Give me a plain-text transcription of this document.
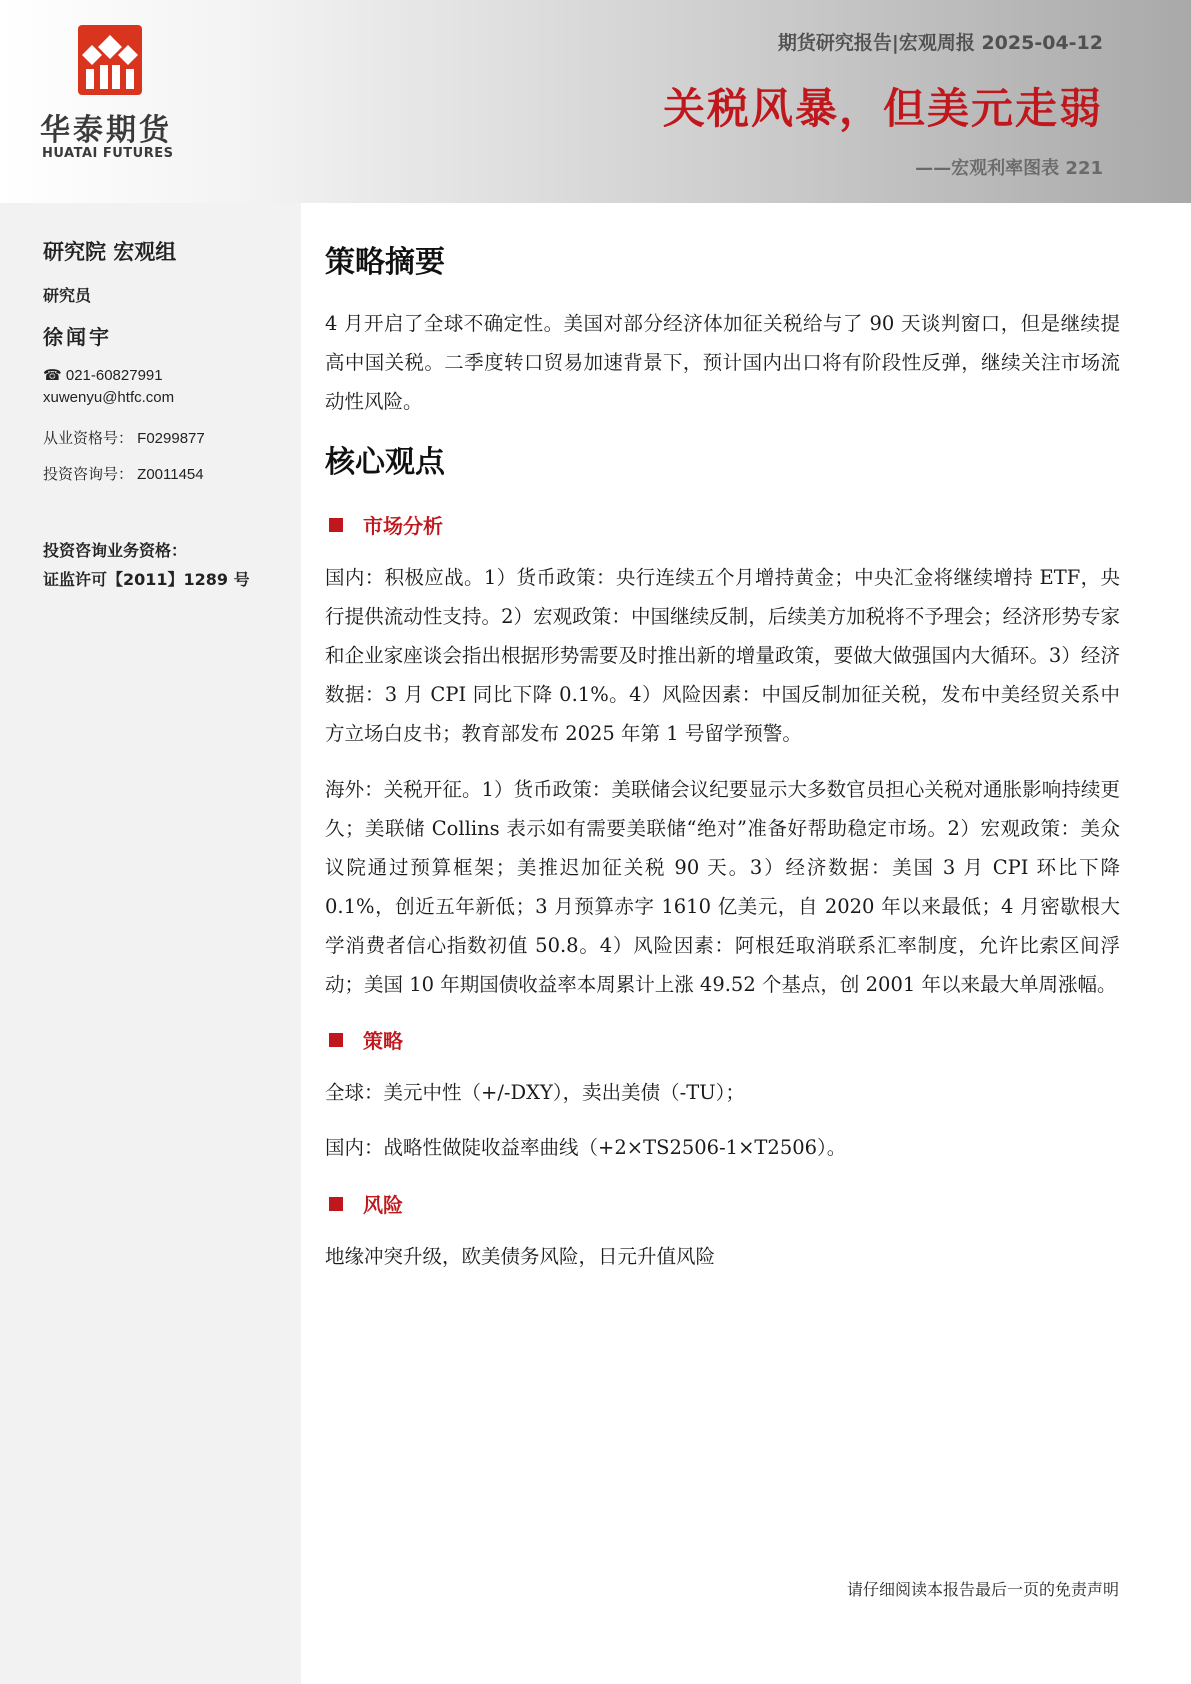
华泰期货
HUATAI FUTURES
期货研究报告|宏观周报 2025-04-12
关税风暴，但美元走弱
——宏观利率图表 221
研究院 宏观组
研究员
徐闻宇
☎ 021-60827991
xuwenyu@htfc.com
从业资格号： F0299877
投资咨询号： Z0011454
投资咨询业务资格：
证监许可【2011】1289 号
策略摘要
4 月开启了全球不确定性。美国对部分经济体加征关税给与了 90 天谈判窗口，但是继续提高中国关税。二季度转口贸易加速背景下，预计国内出口将有阶段性反弹，继续关注市场流动性风险。
核心观点
市场分析
国内：积极应战。1）货币政策：央行连续五个月增持黄金；中央汇金将继续增持 ETF，央行提供流动性支持。2）宏观政策：中国继续反制，后续美方加税将不予理会；经济形势专家和企业家座谈会指出根据形势需要及时推出新的增量政策，要做大做强国内大循环。3）经济数据：3 月 CPI 同比下降 0.1%。4）风险因素：中国反制加征关税，发布中美经贸关系中方立场白皮书；教育部发布 2025 年第 1 号留学预警。
海外：关税开征。1）货币政策：美联储会议纪要显示大多数官员担心关税对通胀影响持续更久；美联储 Collins 表示如有需要美联储“绝对”准备好帮助稳定市场。2）宏观政策：美众议院通过预算框架；美推迟加征关税 90 天。3）经济数据：美国 3 月 CPI 环比下降 0.1%，创近五年新低；3 月预算赤字 1610 亿美元，自 2020 年以来最低；4 月密歇根大学消费者信心指数初值 50.8。4）风险因素：阿根廷取消联系汇率制度，允许比索区间浮动；美国 10 年期国债收益率本周累计上涨 49.52 个基点，创 2001 年以来最大单周涨幅。
策略
全球：美元中性（+/-DXY），卖出美债（-TU）；
国内：战略性做陡收益率曲线（+2×TS2506-1×T2506）。
风险
地缘冲突升级，欧美债务风险，日元升值风险
请仔细阅读本报告最后一页的免责声明
